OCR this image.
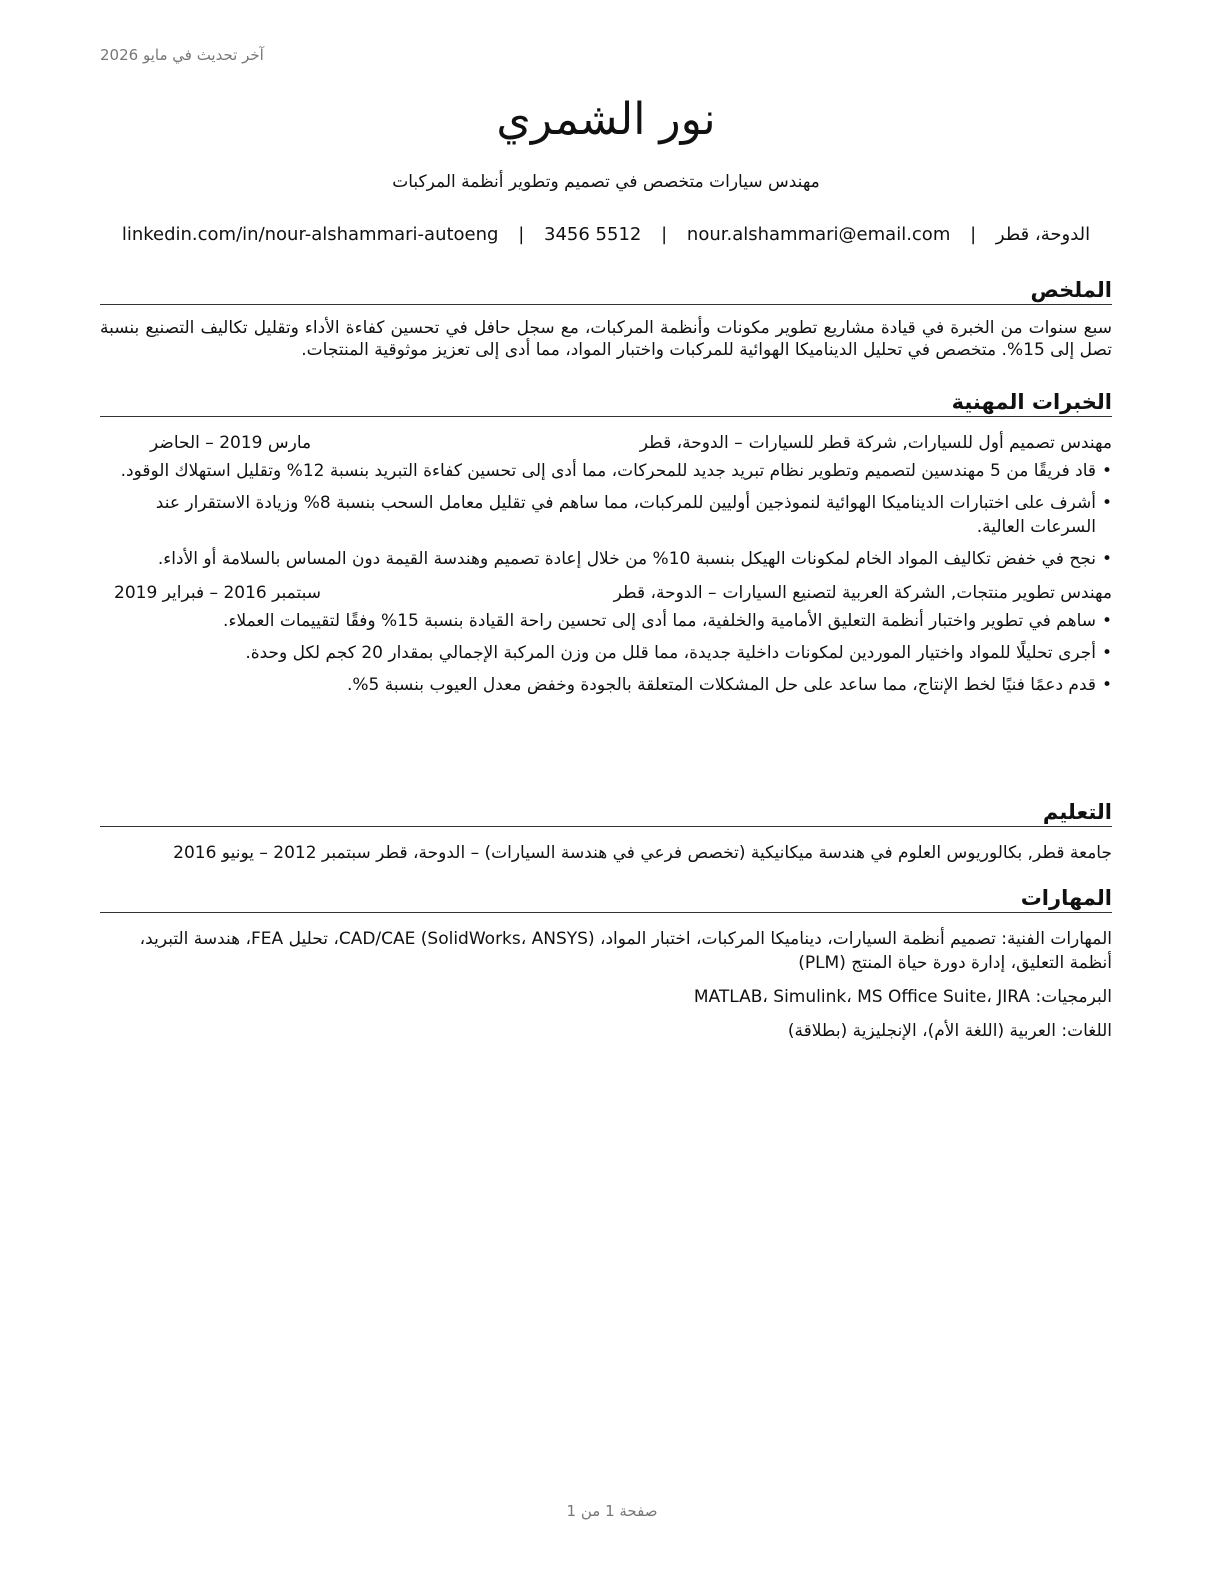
آخر تحديث في مايو 2026
نور الشمري
مهندس سيارات متخصص في تصميم وتطوير أنظمة المركبات
الدوحة، قطر | nour.alshammari@email.com | 3456 5512 | linkedin.com/in/nour-alshammari-autoeng
الملخص
سبع سنوات من الخبرة في قيادة مشاريع تطوير مكونات وأنظمة المركبات، مع سجل حافل في تحسين كفاءة الأداء وتقليل تكاليف التصنيع بنسبة تصل إلى 15%. متخصص في تحليل الديناميكا الهوائية للمركبات واختبار المواد، مما أدى إلى تعزيز موثوقية المنتجات.
الخبرات المهنية
مهندس تصميم أول للسيارات, شركة قطر للسيارات
– الدوحة، قطر
مارس 2019 – الحاضر
• قاد فريقًا من 5 مهندسين لتصميم وتطوير نظام تبريد جديد للمحركات، مما أدى إلى تحسين كفاءة التبريد بنسبة 12% وتقليل استهلاك الوقود.
• أشرف على اختبارات الديناميكا الهوائية لنموذجين أوليين للمركبات، مما ساهم في تقليل معامل السحب بنسبة 8% وزيادة الاستقرار عند السرعات العالية.
• نجح في خفض تكاليف المواد الخام لمكونات الهيكل بنسبة 10% من خلال إعادة تصميم وهندسة القيمة دون المساس بالسلامة أو الأداء.
مهندس تطوير منتجات, الشركة العربية لتصنيع السيارات
– الدوحة، قطر
سبتمبر 2016 – فبراير 2019
• ساهم في تطوير واختبار أنظمة التعليق الأمامية والخلفية، مما أدى إلى تحسين راحة القيادة بنسبة 15% وفقًا لتقييمات العملاء.
• أجرى تحليلًا للمواد واختيار الموردين لمكونات داخلية جديدة، مما قلل من وزن المركبة الإجمالي بمقدار 20 كجم لكل وحدة.
• قدم دعمًا فنيًا لخط الإنتاج، مما ساعد على حل المشكلات المتعلقة بالجودة وخفض معدل العيوب بنسبة 5%.
التعليم
جامعة قطر, بكالوريوس العلوم في هندسة ميكانيكية (تخصص فرعي في هندسة السيارات) – الدوحة، قطر سبتمبر 2012 – يونيو 2016
المهارات
المهارات الفنية: تصميم أنظمة السيارات، ديناميكا المركبات، اختبار المواد، CAD/CAE (SolidWorks، ANSYS)، تحليل FEA، هندسة التبريد، أنظمة التعليق، إدارة دورة حياة المنتج (PLM)
البرمجيات: MATLAB، Simulink، MS Office Suite، JIRA
اللغات: العربية (اللغة الأم)، الإنجليزية (بطلاقة)
صفحة 1 من 1
